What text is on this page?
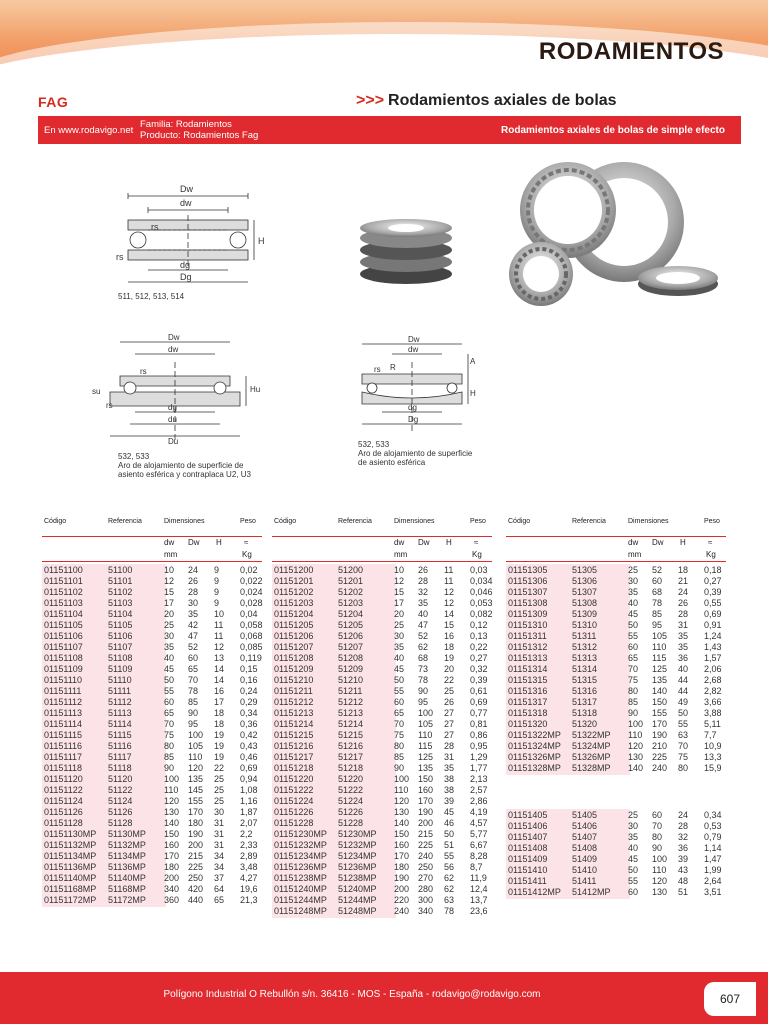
RODAMIENTOS
FAG	>>> Rodamientos axiales de bolas
En www.rodavigo.net
Familia: Rodamientos
Producto: Rodamientos Fag	Rodamientos axiales de bolas de simple efecto
Dw
dw
rs
H
rs
dg
Dg
511, 512, 513, 514
Dw
dw
rs
Hu
su
rs	dg
du
Du
532, 533
Aro de alojamiento de superficie de
asiento esférica y contraplaca U2, U3
Dw
dw
A
rs R
H
dg
Dg
532, 533
Aro de alojamiento de superficie
de asiento esférica
Código	Referencia	Dimensiones	Peso
dw Dw H	≈
mm	Kg
Código	Referencia	Dimensiones	Peso
dw Dw H	≈
mm	Kg
Código	Referencia	Dimensiones	Peso
dw Dw H	≈
mm	Kg
01151100	51100	10 24 9 0,02
01151101	51101	12 26 9 0,022
01151102	51102	15 28 9 0,024
01151103	51103	17 30 9 0,028
01151104	51104	20 35 10 0,04
01151105	51105	25 42 11 0,058
01151106	51106	30 47 11 0,068
01151107	51107	35 52 12 0,085
01151108	51108	40 60 13 0,119
01151109	51109	45 65 14 0,15
01151110	51110	50 70 14 0,16
01151111	51111	55 78 16 0,24
01151112	51112	60 85 17 0,29
01151113	51113	65 90 18 0,34
01151114	51114	70 95 18 0,36
01151115	51115	75 100 19 0,42
01151116	51116	80 105 19 0,43
01151117	51117	85 110 19 0,46
01151118	51118	90 120 22 0,69
01151120	51120	100 135 25 0,94
01151122	51122	110 145 25 1,08
01151124	51124	120 155 25 1,16
01151126	51126	130 170 30 1,87
01151128	51128	140 180 31 2,07
01151130MP 51130MP 150 190 31 2,2
01151132MP 51132MP 160 200 31 2,33
01151134MP 51134MP 170 215 34 2,89
01151136MP 51136MP 180 225 34 3,48
01151140MP 51140MP 200 250 37 4,27
01151168MP 51168MP 340 420 64 19,6
01151172MP 51172MP 360 440 65 21,3
01151200	51200	10 26 11 0,03
01151201	51201	12 28 11 0,034
01151202	51202	15 32 12 0,046
01151203	51203	17 35 12 0,053
01151204	51204	20 40 14 0,082
01151205	51205	25 47 15 0,12
01151206	51206	30 52 16 0,13
01151207	51207	35 62 18 0,22
01151208	51208	40 68 19 0,27
01151209	51209	45 73 20 0,32
01151210	51210	50 78 22 0,39
01151211	51211	55 90 25 0,61
01151212	51212	60 95 26 0,69
01151213	51213	65 100 27 0,77
01151214	51214	70 105 27 0,81
01151215	51215	75 110 27 0,86
01151216	51216	80 115 28 0,95
01151217	51217	85 125 31 1,29
01151218	51218	90 135 35 1,77
01151220	51220	100 150 38 2,13
01151222	51222	110 160 38 2,57
01151224	51224	120 170 39 2,86
01151226	51226	130 190 45 4,19
01151228	51228	140 200 46 4,57
01151230MP 51230MP 150 215 50 5,77
01151232MP 51232MP 160 225 51 6,67
01151234MP 51234MP 170 240 55 8,28
01151236MP 51236MP 180 250 56 8,7
01151238MP 51238MP 190 270 62 11,9
01151240MP 51240MP 200 280 62 12,4
01151244MP 51244MP 220 300 63 13,7
01151248MP 51248MP 240 340 78 23,6
01151305	51305	25 52 18 0,18
01151306	51306	30 60 21 0,27
01151307	51307	35 68 24 0,39
01151308	51308	40 78 26 0,55
01151309	51309	45 85 28 0,69
01151310	51310	50 95 31 0,91
01151311	51311	55 105 35 1,24
01151312	51312	60 110 35 1,43
01151313	51313	65 115 36 1,57
01151314	51314	70 125 40 2,06
01151315	51315	75 135 44 2,68
01151316	51316	80 140 44 2,82
01151317	51317	85 150 49 3,66
01151318	51318	90 155 50 3,88
01151320	51320	100 170 55 5,11
01151322MP 51322MP 110 190 63 7,7
01151324MP 51324MP 120 210 70 10,9
01151326MP 51326MP 130 225 75 13,3
01151328MP 51328MP 140 240 80 15,9
01151405	51405	25 60 24 0,34
01151406	51406	30 70 28 0,53
01151407	51407	35 80 32 0,79
01151408	51408	40 90 36 1,14
01151409	51409	45 100 39 1,47
01151410	51410	50 110 43 1,99
01151411	51411	55 120 48 2,64
01151412MP 51412MP 60 130 51 3,51
Polígono Industrial O Rebullón s/n. 36416 - MOS - España - rodavigo@rodavigo.com	607
